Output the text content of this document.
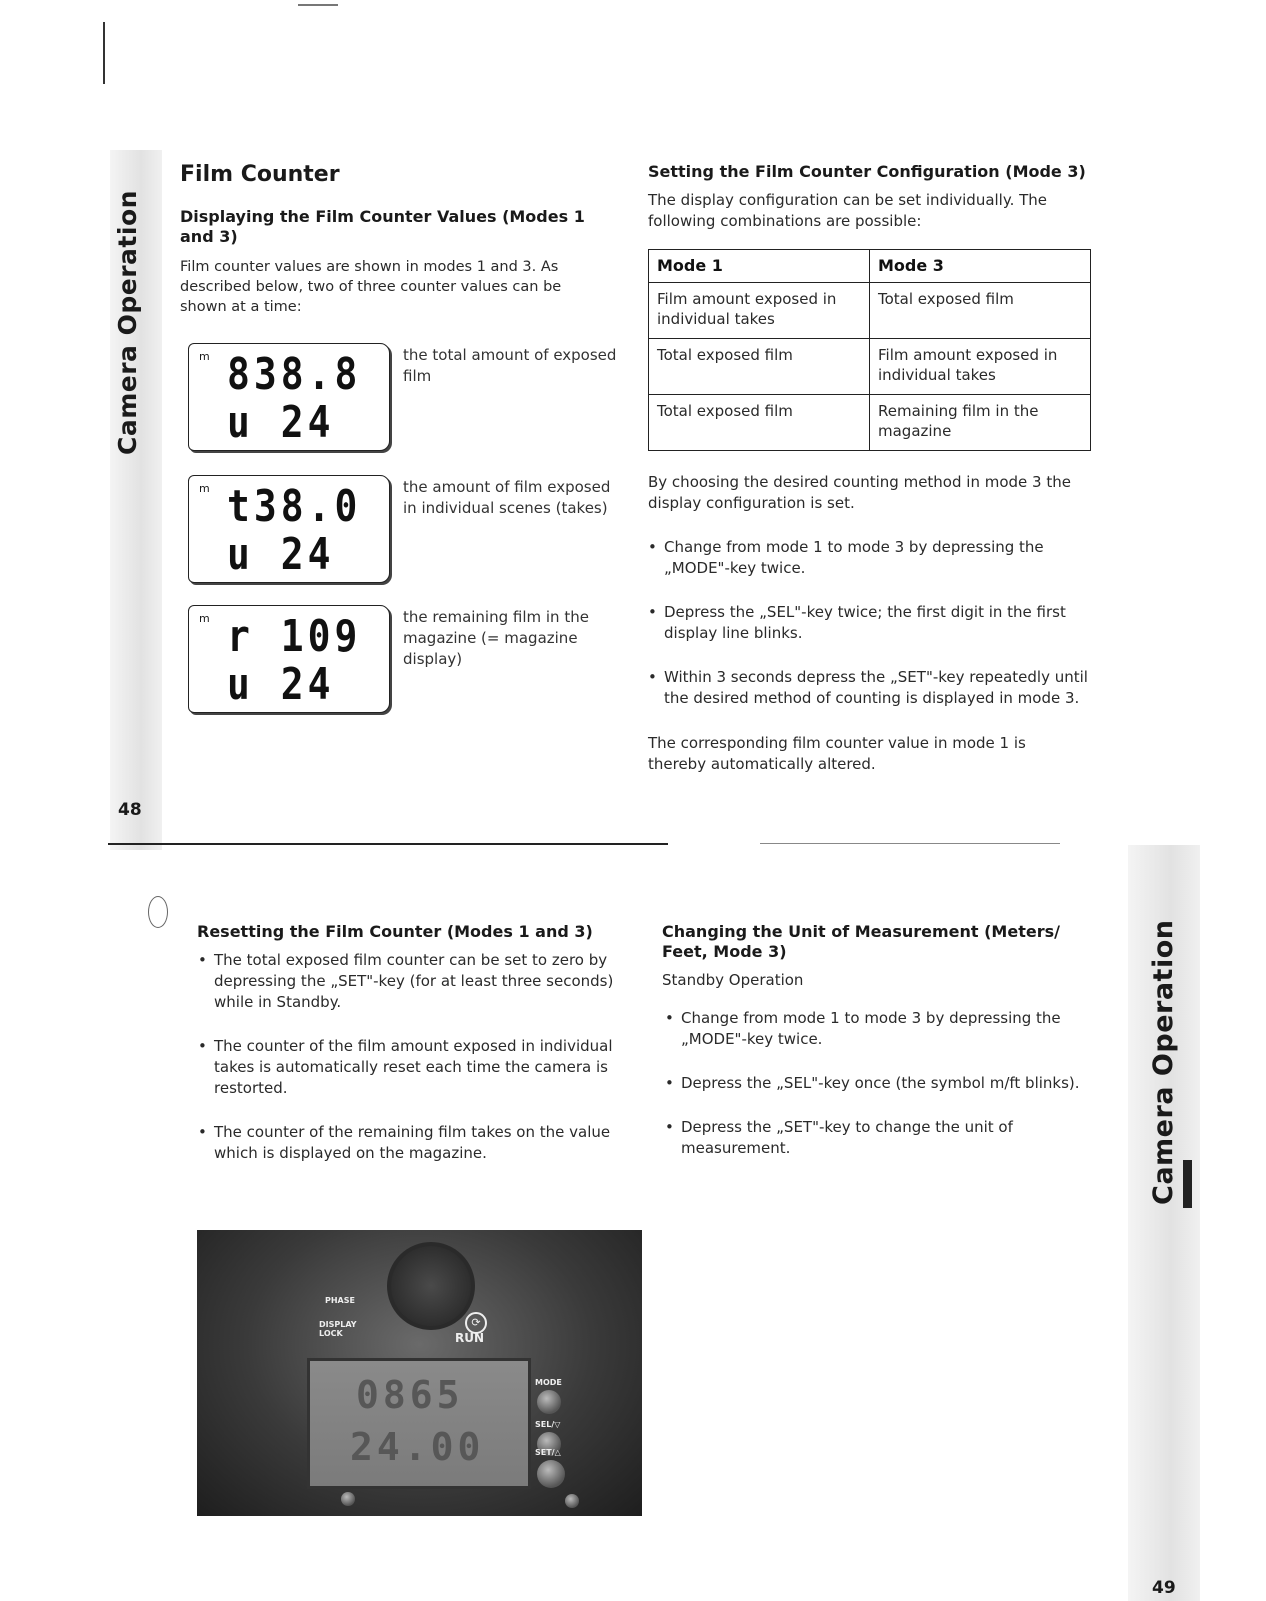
Camera Operation
48
Film Counter
Displaying the Film Counter Values (Modes 1 and 3)
Film counter values are shown in modes 1 and 3. As described below, two of three counter values can be shown at a time:
m 838.8
u 24
the total amount of exposed film
m t38.0
u 24
the amount of film exposed in individual scenes (takes)
m r 109
u 24
the remaining film in the magazine (= magazine display)
Setting the Film Counter Configuration (Mode 3)
The display configuration can be set individually. The following combinations are possible:
Mode 1	Mode 3
Film amount exposed in individual takes	Total exposed film
Total exposed film	Film amount exposed in individual takes
Total exposed film	Remaining film in the magazine
By choosing the desired counting method in mode 3 the display configuration is set.
• Change from mode 1 to mode 3 by depressing the „MODE"-key twice.
• Depress the „SEL"-key twice; the first digit in the first display line blinks.
• Within 3 seconds depress the „SET"-key repeatedly until the desired method of counting is displayed in mode 3.
The corresponding film counter value in mode 1 is thereby automatically altered.
Camera Operation
49
Resetting the Film Counter (Modes 1 and 3)
• The total exposed film counter can be set to zero by depressing the „SET"-key (for at least three seconds) while in Standby.
• The counter of the film amount exposed in individual takes is automatically reset each time the camera is restorted.
• The counter of the remaining film takes on the value which is displayed on the magazine.
PHASE
DISPLAY LOCK
⟳
RUN
0865
24.00
MODE
SEL/▽
SET/△
Changing the Unit of Measurement (Meters/ Feet, Mode 3)
Standby Operation
• Change from mode 1 to mode 3 by depressing the „MODE"-key twice.
• Depress the „SEL"-key once (the symbol m/ft blinks).
• Depress the „SET"-key to change the unit of measurement.
